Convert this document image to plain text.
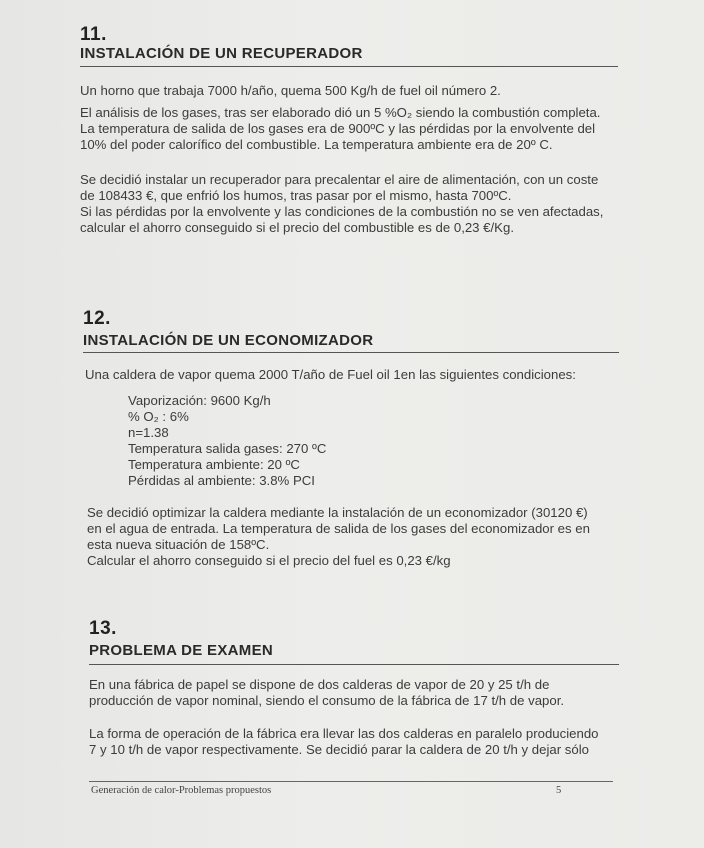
11.
INSTALACIÓN DE UN RECUPERADOR
Un horno que trabaja 7000 h/año, quema 500 Kg/h de fuel oil número 2.
El análisis de los gases, tras ser elaborado dió un 5 %O₂ siendo la combustión completa.
La temperatura de salida de los gases era de 900ºC y las pérdidas por la envolvente del
10% del poder calorífico del combustible. La temperatura ambiente era de 20º C.
Se decidió instalar un recuperador para precalentar el aire de alimentación, con un coste
de 108433 €, que enfrió los humos, tras pasar por el mismo, hasta 700ºC.
Si las pérdidas por la envolvente y las condiciones de la combustión no se ven afectadas,
calcular el ahorro conseguido si el precio del combustible es de 0,23 €/Kg.
12.
INSTALACIÓN DE UN ECONOMIZADOR
Una caldera de vapor quema 2000 T/año de Fuel oil 1en las siguientes condiciones:
Vaporización: 9600 Kg/h
% O₂ : 6%
n=1.38
Temperatura salida gases: 270 ºC
Temperatura ambiente: 20 ºC
Pérdidas al ambiente: 3.8% PCI
Se decidió optimizar la caldera mediante la instalación de un economizador (30120 €)
en el agua de entrada. La temperatura de salida de los gases del economizador es en
esta nueva situación de 158ºC.
Calcular el ahorro conseguido si el precio del fuel es 0,23 €/kg
13.
PROBLEMA DE EXAMEN
En una fábrica de papel se dispone de dos calderas de vapor de 20 y 25 t/h de
producción de vapor nominal, siendo el consumo de la fábrica de 17 t/h de vapor.
La forma de operación de la fábrica era llevar las dos calderas en paralelo produciendo
7 y 10 t/h de vapor respectivamente. Se decidió parar la caldera de 20 t/h y dejar sólo
Generación de calor-Problemas propuestos	5
